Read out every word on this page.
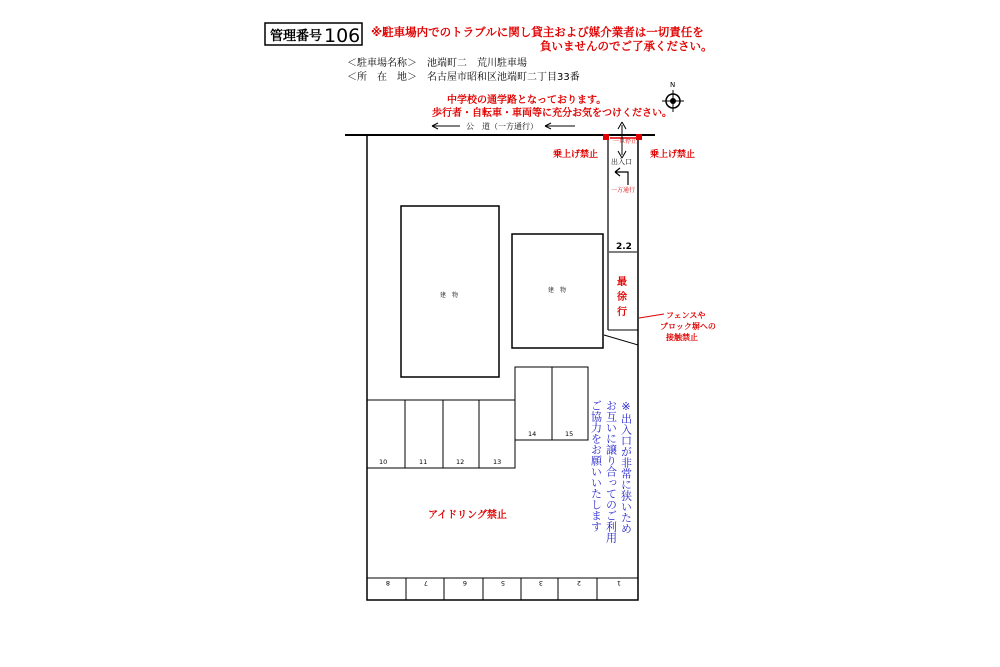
管理番号 106 ※駐車場内でのトラブルに関し貸主および媒介業者は一切責任を
負いませんのでご了承ください。
＜駐車場名称＞　池端町二　荒川駐車場
＜所　在　地＞　名古屋市昭和区池端町二丁目33番
N
中学校の通学路となっております。
歩行者・自転車・車両等に充分お気をつけください。
公　道（一方通行）
一旦停止
出入口
乗上げ禁止	乗上げ禁止
一方通行
2.2
最
徐
行	フェンスや
ブロック塀への
接触禁止
建　物
建　物
14	15
10	11	12	13
アイドリング禁止	※出入口が非常に狭いため
お互いに譲り合ってのご利用
ご協力をお願いいたします
8	7	6	5	3	2	1
